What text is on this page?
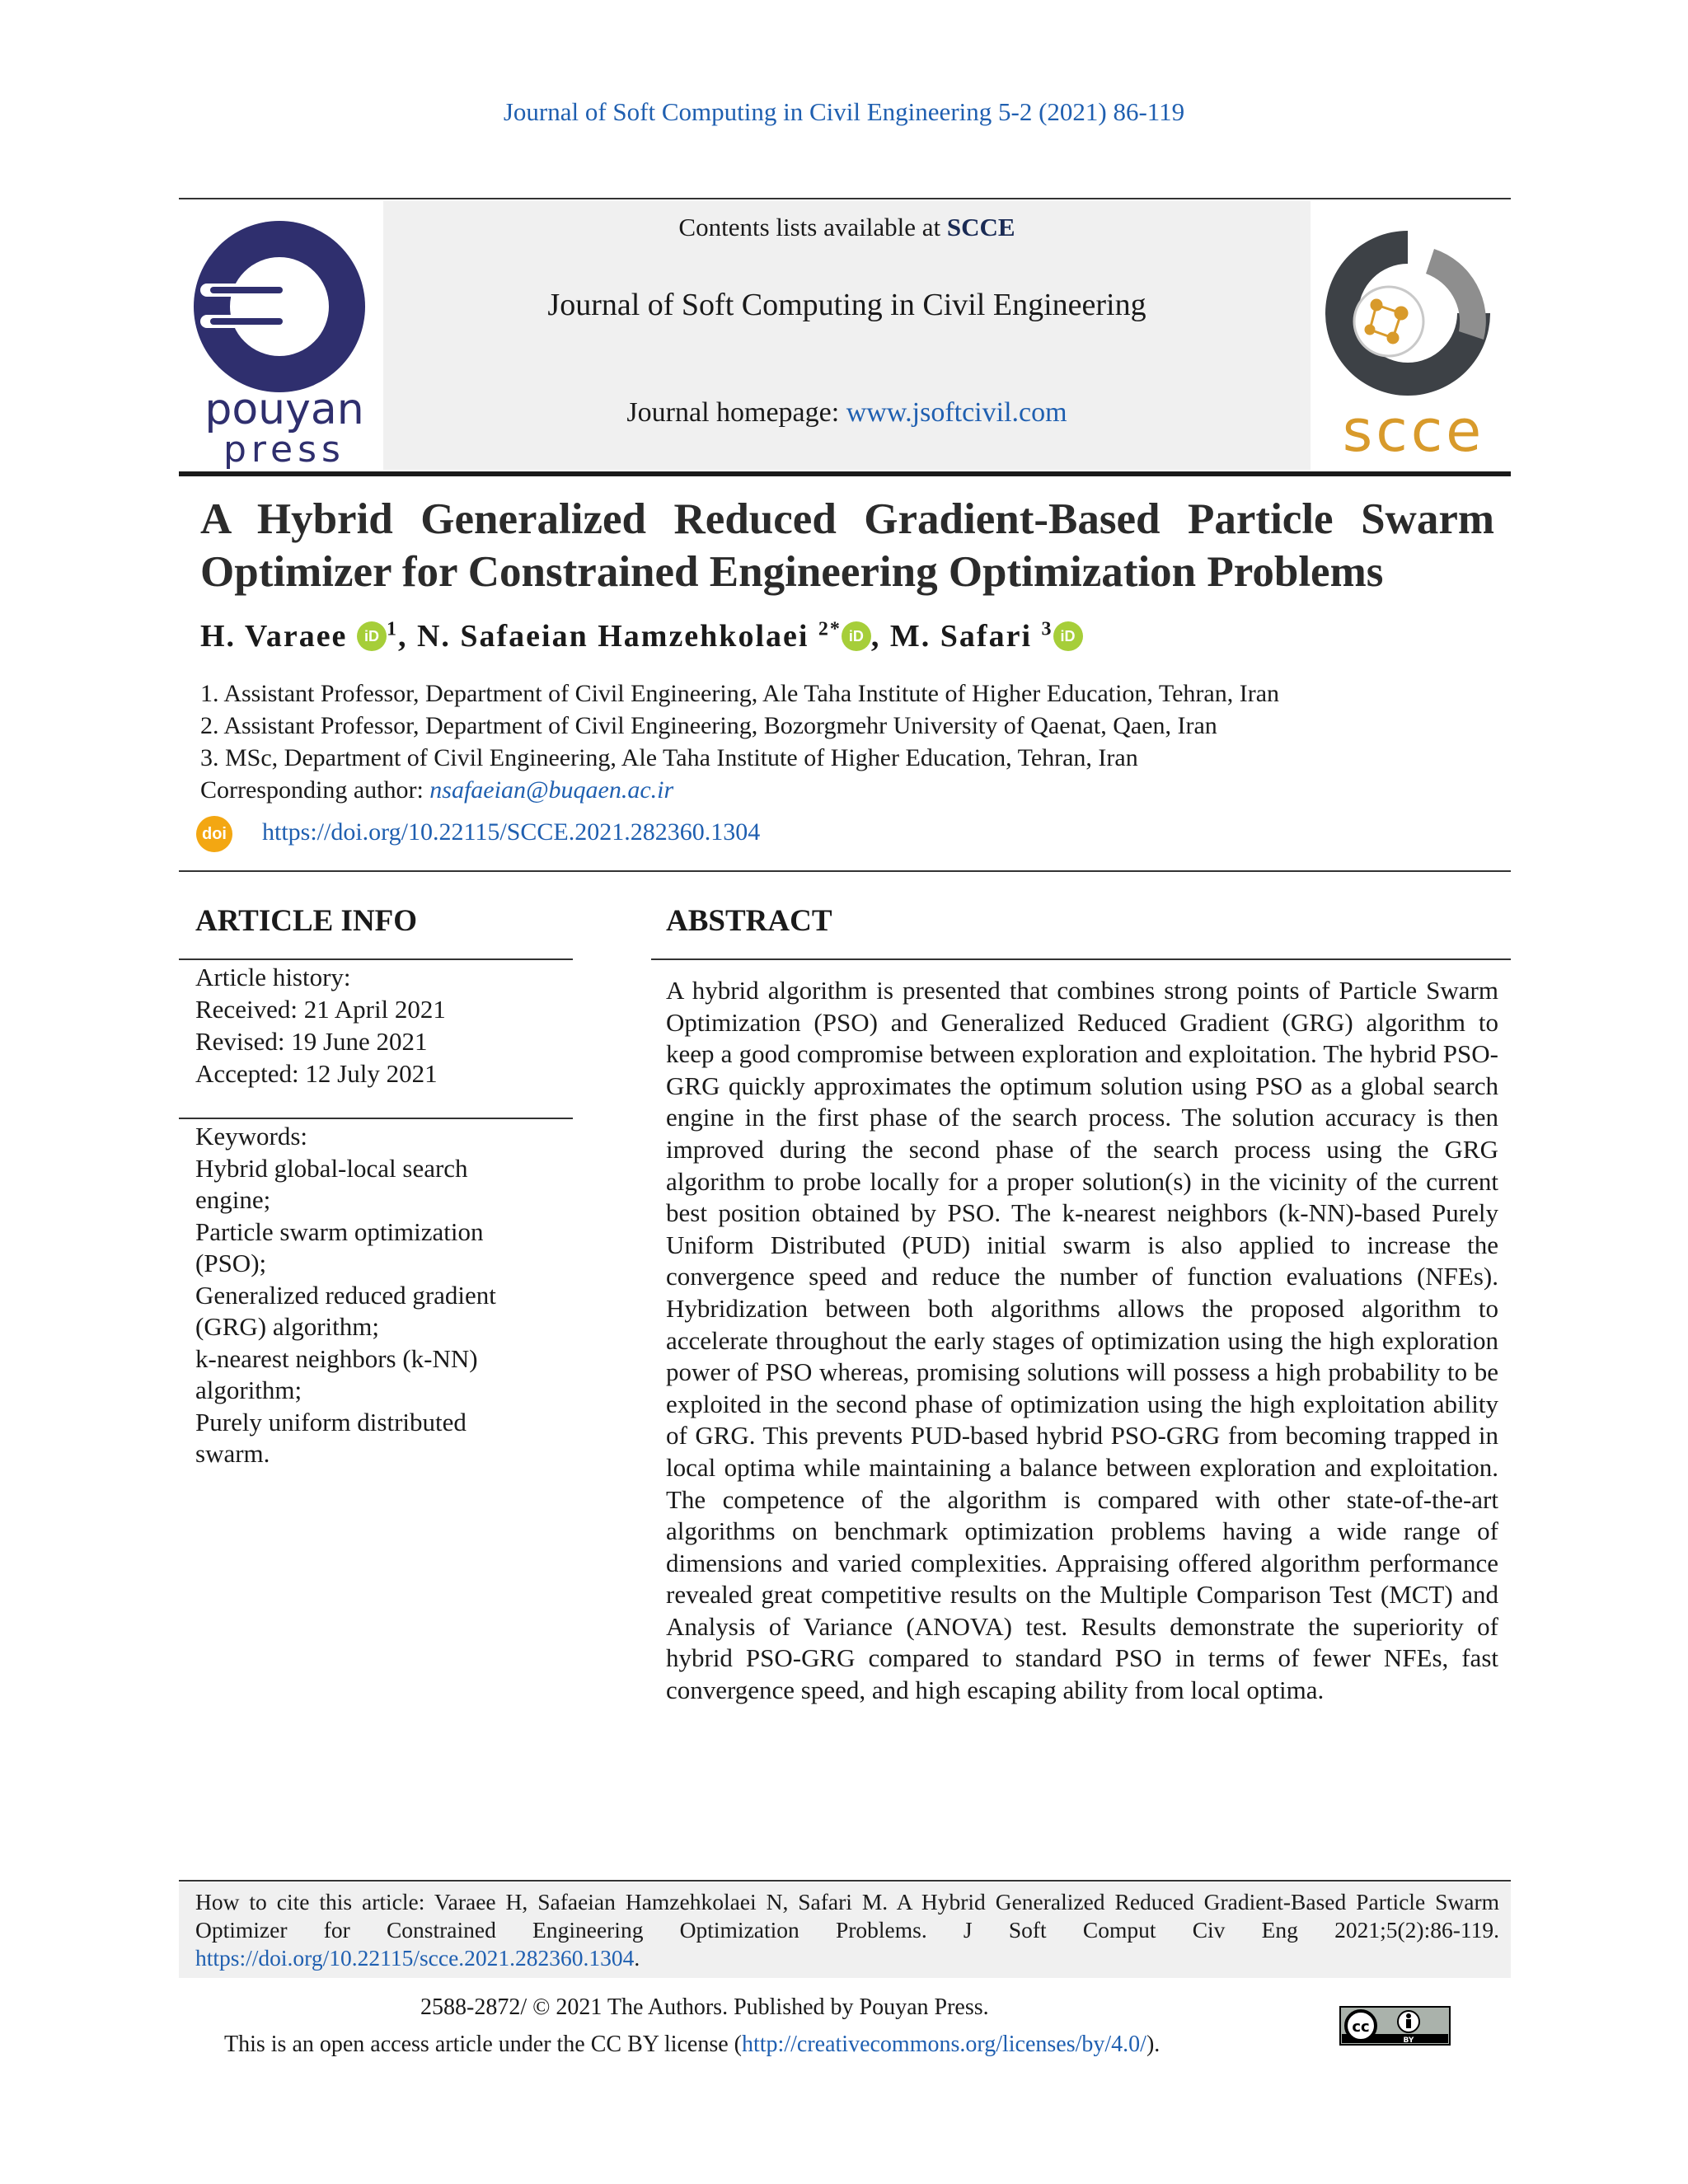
Journal of Soft Computing in Civil Engineering 5-2 (2021) 86-119
pouyan
press
Contents lists available at SCCE
Journal of Soft Computing in Civil Engineering
Journal homepage: www.jsoftcivil.com	scce
A Hybrid Generalized Reduced Gradient-Based Particle Swarm
Optimizer for Constrained Engineering Optimization Problems
H. Varaee iD $^1$, N. Safaeian Hamzehkolaei $^{2*}$ iD , M. Safari $^3$ iD
1. Assistant Professor, Department of Civil Engineering, Ale Taha Institute of Higher Education, Tehran, Iran
2. Assistant Professor, Department of Civil Engineering, Bozorgmehr University of Qaenat, Qaen, Iran
3. MSc, Department of Civil Engineering, Ale Taha Institute of Higher Education, Tehran, Iran
Corresponding author: nsafaeian@buqaen.ac.ir
doi https://doi.org/10.22115/SCCE.2021.282360.1304
ARTICLE INFO
Article history:
Received: 21 April 2021
Revised: 19 June 2021
Accepted: 12 July 2021
Keywords:
Hybrid global-local search
engine;
Particle swarm optimization
(PSO);
Generalized reduced gradient
(GRG) algorithm;
k-nearest neighbors (k-NN)
algorithm;
Purely uniform distributed
swarm.
ABSTRACT
A hybrid algorithm is presented that combines strong points of Particle Swarm Optimization (PSO) and Generalized Reduced Gradient (GRG) algorithm to keep a good compromise between exploration and exploitation. The hybrid PSO-GRG quickly approximates the optimum solution using PSO as a global search engine in the first phase of the search process. The solution accuracy is then improved during the second phase of the search process using the GRG algorithm to probe locally for a proper solution(s) in the vicinity of the current best position obtained by PSO. The k-nearest neighbors (k-NN)-based Purely Uniform Distributed (PUD) initial swarm is also applied to increase the convergence speed and reduce the number of function evaluations (NFEs). Hybridization between both algorithms allows the proposed algorithm to accelerate throughout the early stages of optimization using the high exploration power of PSO whereas, promising solutions will possess a high probability to be exploited in the second phase of optimization using the high exploitation ability of GRG. This prevents PUD-based hybrid PSO-GRG from becoming trapped in local optima while maintaining a balance between exploration and exploitation. The competence of the algorithm is compared with other state-of-the-art algorithms on benchmark optimization problems having a wide range of dimensions and varied complexities. Appraising offered algorithm performance revealed great competitive results on the Multiple Comparison Test (MCT) and Analysis of Variance (ANOVA) test. Results demonstrate the superiority of hybrid PSO-GRG compared to standard PSO in terms of fewer NFEs, fast convergence speed, and high escaping ability from local optima.
How to cite this article: Varaee H, Safaeian Hamzehkolaei N, Safari M. A Hybrid Generalized Reduced Gradient-Based Particle Swarm Optimizer for Constrained Engineering Optimization Problems. J Soft Comput Civ Eng 2021;5(2):86-119. https://doi.org/10.22115/scce.2021.282360.1304.
2588-2872/ © 2021 The Authors. Published by Pouyan Press.
This is an open access article under the CC BY license (http://creativecommons.org/licenses/by/4.0/).
cc
BY
